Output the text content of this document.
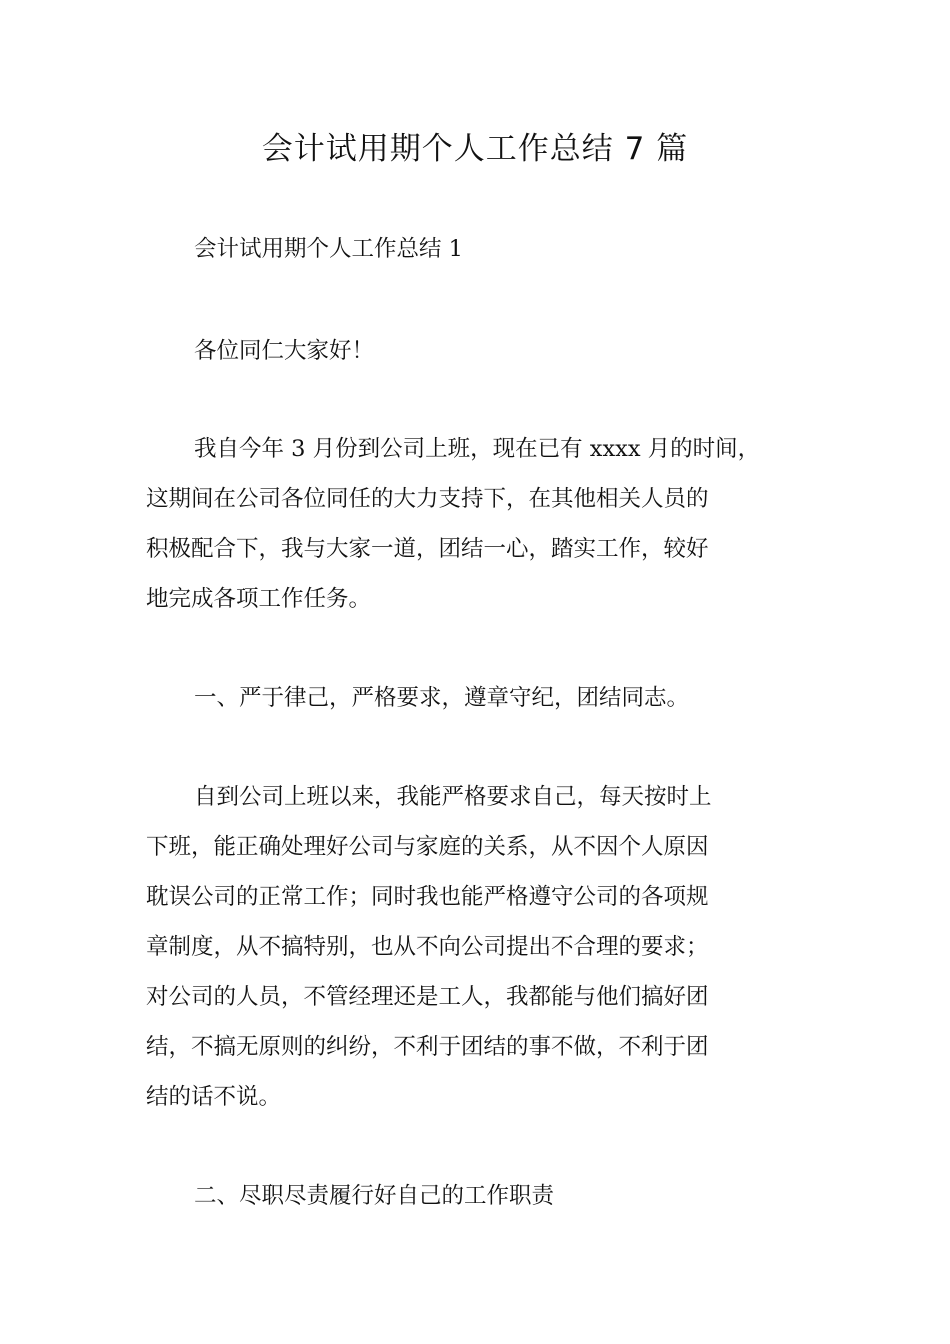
会计试用期个人工作总结 7 篇
会计试用期个人工作总结 1
各位同仁大家好！
我自今年 3 月份到公司上班，现在已有 xxxx 月的时间，
这期间在公司各位同任的大力支持下，在其他相关人员的
积极配合下，我与大家一道，团结一心，踏实工作，较好
地完成各项工作任务。
一、严于律己，严格要求，遵章守纪，团结同志。
自到公司上班以来，我能严格要求自己，每天按时上
下班，能正确处理好公司与家庭的关系，从不因个人原因
耽误公司的正常工作；同时我也能严格遵守公司的各项规
章制度，从不搞特别，也从不向公司提出不合理的要求；
对公司的人员，不管经理还是工人，我都能与他们搞好团
结，不搞无原则的纠纷，不利于团结的事不做，不利于团
结的话不说。
二、尽职尽责履行好自己的工作职责
